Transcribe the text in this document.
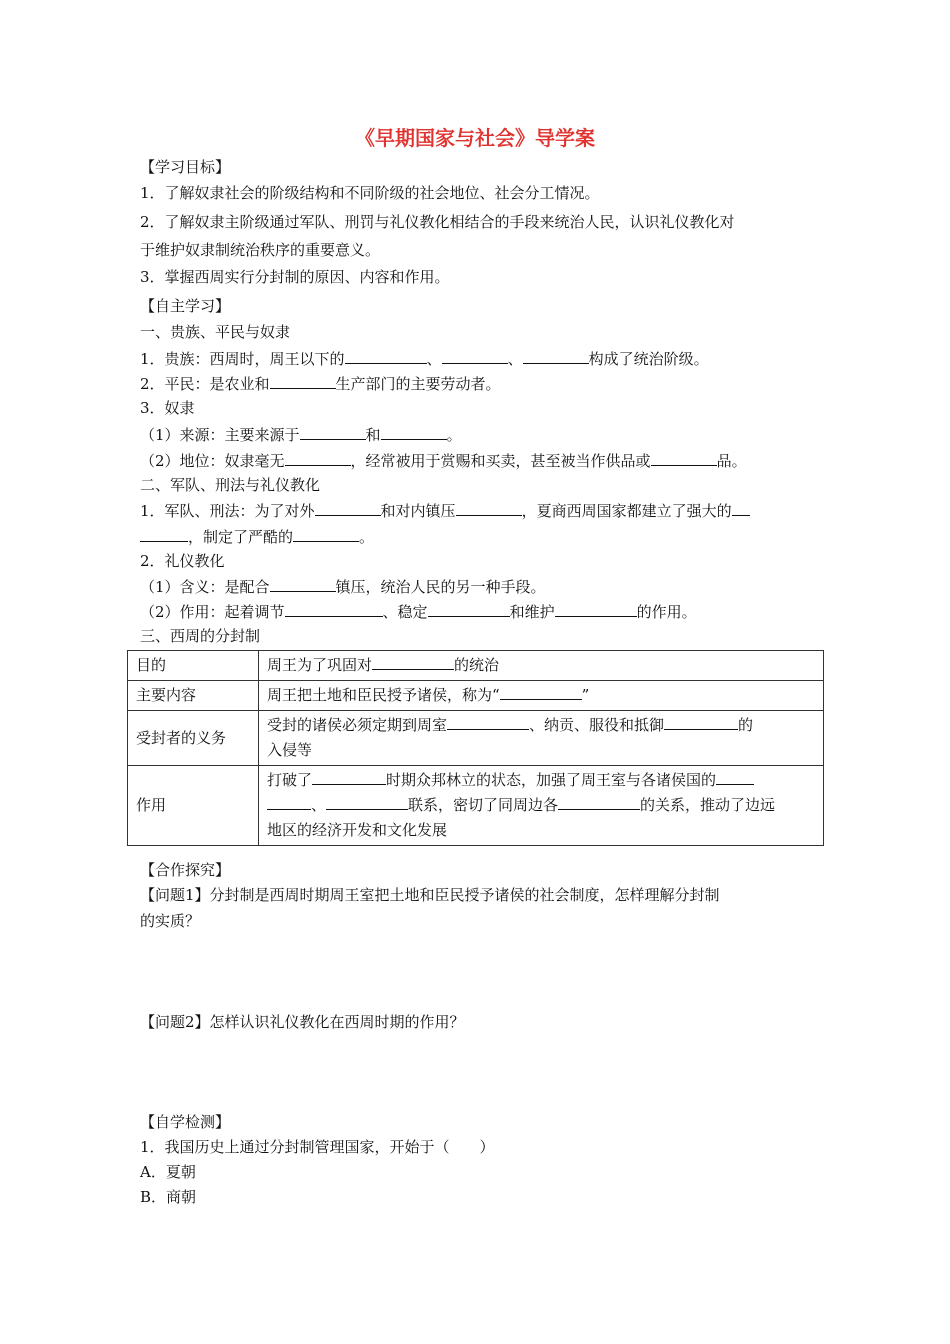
《早期国家与社会》导学案
【学习目标】
1．了解奴隶社会的阶级结构和不同阶级的社会地位、社会分工情况。
2．了解奴隶主阶级通过军队、刑罚与礼仪教化相结合的手段来统治人民，认识礼仪教化对
于维护奴隶制统治秩序的重要意义。
3．掌握西周实行分封制的原因、内容和作用。
【自主学习】
一、贵族、平民与奴隶
1．贵族：西周时，周王以下的	、	、	构成了统治阶级。
2．平民：是农业和	生产部门的主要劳动者。
3．奴隶
（1）来源：主要来源于	和	。
（2）地位：奴隶毫无	，经常被用于赏赐和买卖，甚至被当作供品或	品。
二、军队、刑法与礼仪教化
1．军队、刑法：为了对外	和对内镇压	，夏商西周国家都建立了强大的
，制定了严酷的	。
2．礼仪教化
（1）含义：是配合	镇压，统治人民的另一种手段。
（2）作用：起着调节	、稳定	和维护	的作用。
三、西周的分封制
目的	周王为了巩固对 的统治
主要内容	周王把土地和臣民授予诸侯，称为“ ”
受封者的义务	受封的诸侯必须定期到周室 、纳贡、服役和抵御 的
入侵等
作用	打破了 时期众邦林立的状态，加强了周王室与各诸侯国的
、 联系，密切了同周边各 的关系，推动了边远
地区的经济开发和文化发展
【合作探究】
【问题1】分封制是西周时期周王室把土地和臣民授予诸侯的社会制度，怎样理解分封制
的实质？
【问题2】怎样认识礼仪教化在西周时期的作用？
【自学检测】
1．我国历史上通过分封制管理国家，开始于（　　）
A．夏朝
B．商朝
